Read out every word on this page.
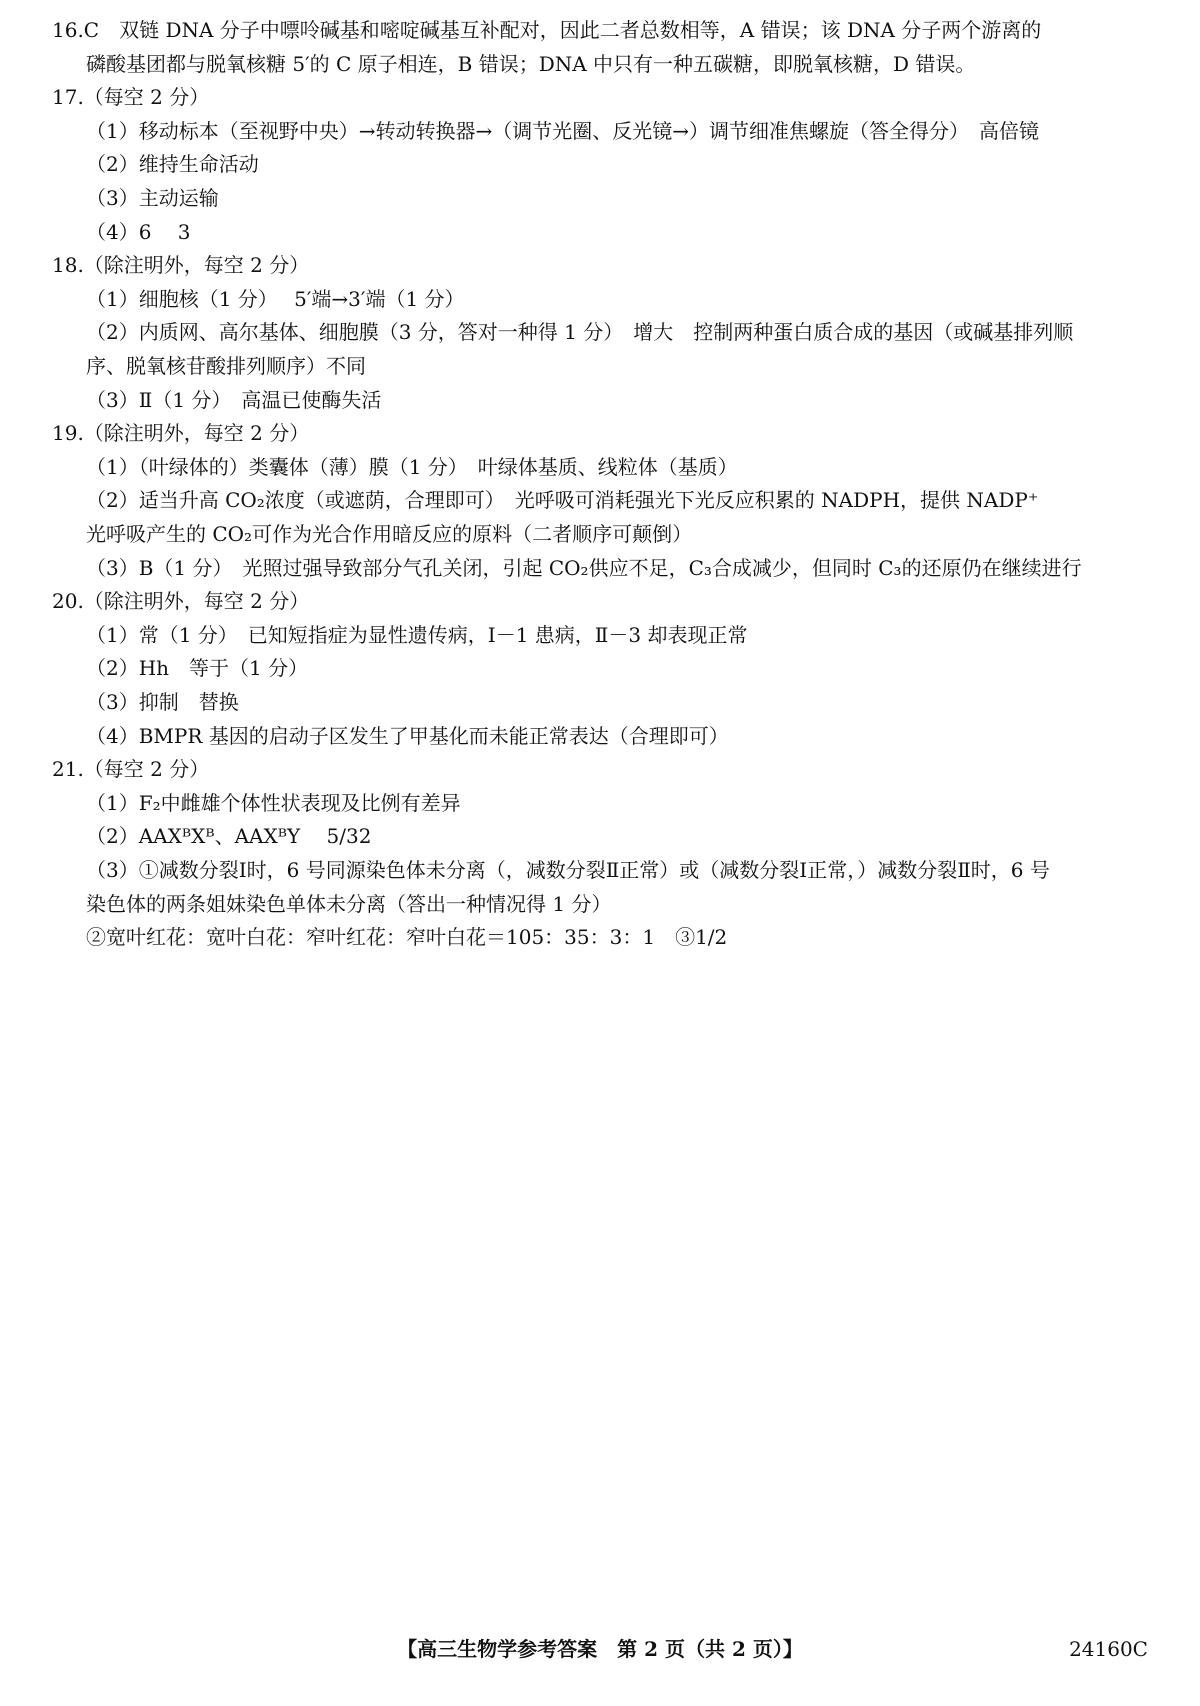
16.C　双链 DNA 分子中嘌呤碱基和嘧啶碱基互补配对，因此二者总数相等，A 错误；该 DNA 分子两个游离的
磷酸基团都与脱氧核糖 5′的 C 原子相连，B 错误；DNA 中只有一种五碳糖，即脱氧核糖，D 错误。
17.（每空 2 分）
（1）移动标本（至视野中央）→转动转换器→（调节光圈、反光镜→）调节细准焦螺旋（答全得分）　高倍镜
（2）维持生命活动
（3）主动运输
（4）6　 3
18.（除注明外，每空 2 分）
（1）细胞核（1 分）　 5′端→3′端（1 分）
（2）内质网、高尔基体、细胞膜（3 分，答对一种得 1 分）　增大　控制两种蛋白质合成的基因（或碱基排列顺
序、脱氧核苷酸排列顺序）不同
（3）Ⅱ（1 分）　高温已使酶失活
19.（除注明外，每空 2 分）
（1）（叶绿体的）类囊体（薄）膜（1 分）　叶绿体基质、线粒体（基质）
（2）适当升高 CO₂浓度（或遮荫，合理即可）　光呼吸可消耗强光下光反应积累的 NADPH，提供 NADP⁺
光呼吸产生的 CO₂可作为光合作用暗反应的原料（二者顺序可颠倒）
（3）B（1 分）　光照过强导致部分气孔关闭，引起 CO₂供应不足，C₃合成减少，但同时 C₃的还原仍在继续进行
20.（除注明外，每空 2 分）
（1）常（1 分）　已知短指症为显性遗传病，Ⅰ－1 患病，Ⅱ－3 却表现正常
（2）Hh　等于（1 分）
（3）抑制　替换
（4）BMPR 基因的启动子区发生了甲基化而未能正常表达（合理即可）
21.（每空 2 分）
（1）F₂中雌雄个体性状表现及比例有差异
（2）AAXᴮXᴮ、AAXᴮY　 5/32
（3）①减数分裂Ⅰ时，6 号同源染色体未分离（，减数分裂Ⅱ正常）或（减数分裂Ⅰ正常，）减数分裂Ⅱ时，6 号
染色体的两条姐妹染色单体未分离（答出一种情况得 1 分）
②宽叶红花：宽叶白花：窄叶红花：窄叶白花＝105：35：3：1　③1/2
【高三生物学参考答案　第 2 页（共 2 页）】	24160C
